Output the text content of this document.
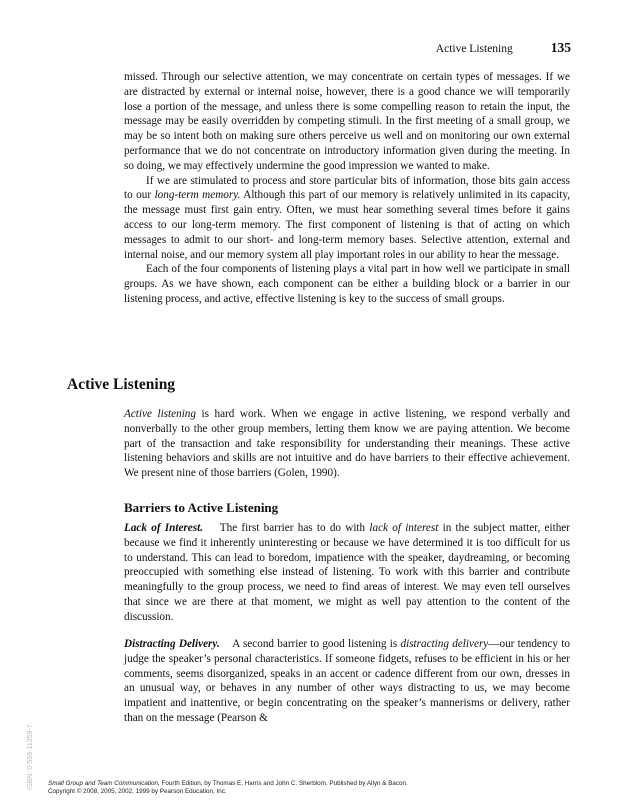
Active Listening	135

missed. Through our selective attention, we may concentrate on certain types of messages. If we are distracted by external or internal noise, however, there is a good chance we will temporarily lose a portion of the message, and unless there is some compelling reason to retain the input, the message may be easily overridden by competing stimuli. In the first meeting of a small group, we may be so intent both on making sure others perceive us well and on monitoring our own external performance that we do not concentrate on introductory information given during the meeting. In so doing, we may effectively undermine the good impression we wanted to make.

If we are stimulated to process and store particular bits of information, those bits gain access to our long-term memory. Although this part of our memory is relatively unlimited in its capacity, the message must first gain entry. Often, we must hear something several times before it gains access to our long-term memory. The first component of listening is that of acting on which messages to admit to our short- and long-term memory bases. Selective attention, external and internal noise, and our memory system all play important roles in our ability to hear the message.

Each of the four components of listening plays a vital part in how well we participate in small groups. As we have shown, each component can be either a building block or a barrier in our listening process, and active, effective listening is key to the success of small groups.

Active Listening

Active listening is hard work. When we engage in active listening, we respond verbally and nonverbally to the other group members, letting them know we are paying attention. We become part of the transaction and take responsibility for understanding their meanings. These active listening behaviors and skills are not intuitive and do have barriers to their effective achievement. We present nine of those barriers (Golen, 1990).

Barriers to Active Listening

Lack of Interest. The first barrier has to do with lack of interest in the subject matter, either because we find it inherently uninteresting or because we have determined it is too difficult for us to understand. This can lead to boredom, impatience with the speaker, daydreaming, or becoming preoccupied with something else instead of listening. To work with this barrier and contribute meaningfully to the group process, we need to find areas of interest. We may even tell ourselves that since we are there at that moment, we might as well pay attention to the content of the discussion.

Distracting Delivery. A second barrier to good listening is distracting delivery—our tendency to judge the speaker’s personal characteristics. If someone fidgets, refuses to be efficient in his or her comments, seems disorganized, speaks in an accent or cadence different from our own, dresses in an unusual way, or behaves in any number of other ways distracting to us, we may become impatient and inattentive, or begin concentrating on the speaker’s mannerisms or delivery, rather than on the message (Pearson &

ISBN: 0-558-11359-7 Small Group and Team Communication, Fourth Edition, by Thomas E. Harris and John C. Sherblom. Published by Allyn & Bacon.
Copyright © 2008, 2005, 2002, 1999 by Pearson Education, Inc.
